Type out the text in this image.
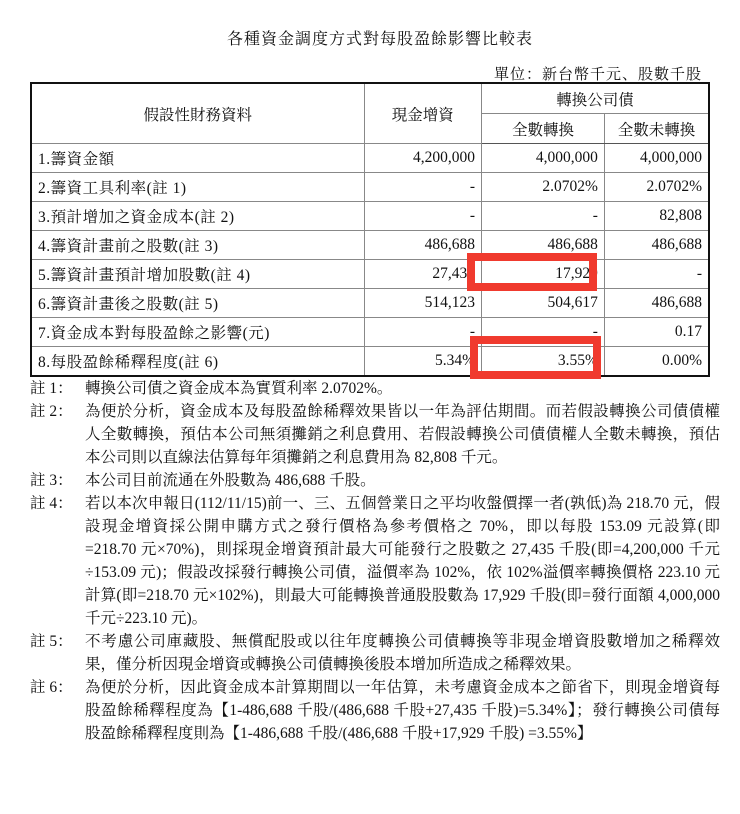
各種資金調度方式對每股盈餘影響比較表
單位：新台幣千元、股數千股
假設性財務資料	現金增資	轉換公司債	
		全數轉換	全數未轉換
1.籌資金額	4,200,000	4,000,000	4,000,000
2.籌資工具利率(註 1)	-	2.0702%	2.0702%
3.預計增加之資金成本(註 2)	-	-	82,808
4.籌資計畫前之股數(註 3)	486,688	486,688	486,688
5.籌資計畫預計增加股數(註 4)	27,435	17,929	-
6.籌資計畫後之股數(註 5)	514,123	504,617	486,688
7.資金成本對每股盈餘之影響(元)	-	-	0.17
8.每股盈餘稀釋程度(註 6)	5.34%	3.55%	0.00%
註 1： 轉換公司債之資金成本為實質利率 2.0702%。
註 2： 為便於分析，資金成本及每股盈餘稀釋效果皆以一年為評估期間。而若假設轉換公司債債權人全數轉換，預估本公司無須攤銷之利息費用、若假設轉換公司債債權人全數未轉換，預估本公司則以直線法估算每年須攤銷之利息費用為 82,808 千元。
註 3： 本公司目前流通在外股數為 486,688 千股。
註 4： 若以本次申報日(112/11/15)前一、三、五個營業日之平均收盤價擇一者(孰低)為 218.70 元，假設現金增資採公開申購方式之發行價格為參考價格之 70%，即以每股 153.09 元設算(即=218.70 元×70%)，則採現金增資預計最大可能發行之股數之 27,435 千股(即=4,200,000 千元÷153.09 元)；假設改採發行轉換公司債，溢價率為 102%，依 102%溢價率轉換價格 223.10 元計算(即=218.70 元×102%)，則最大可能轉換普通股股數為 17,929 千股(即=發行面額 4,000,000 千元÷223.10 元)。
註 5： 不考慮公司庫藏股、無償配股或以往年度轉換公司債轉換等非現金增資股數增加之稀釋效果，僅分析因現金增資或轉換公司債轉換後股本增加所造成之稀釋效果。
註 6： 為便於分析，因此資金成本計算期間以一年估算，未考慮資金成本之節省下，則現金增資每股盈餘稀釋程度為【1-486,688 千股/(486,688 千股+27,435 千股)=5.34%】；發行轉換公司債每股盈餘稀釋程度則為【1-486,688 千股/(486,688 千股+17,929 千股) =3.55%】
